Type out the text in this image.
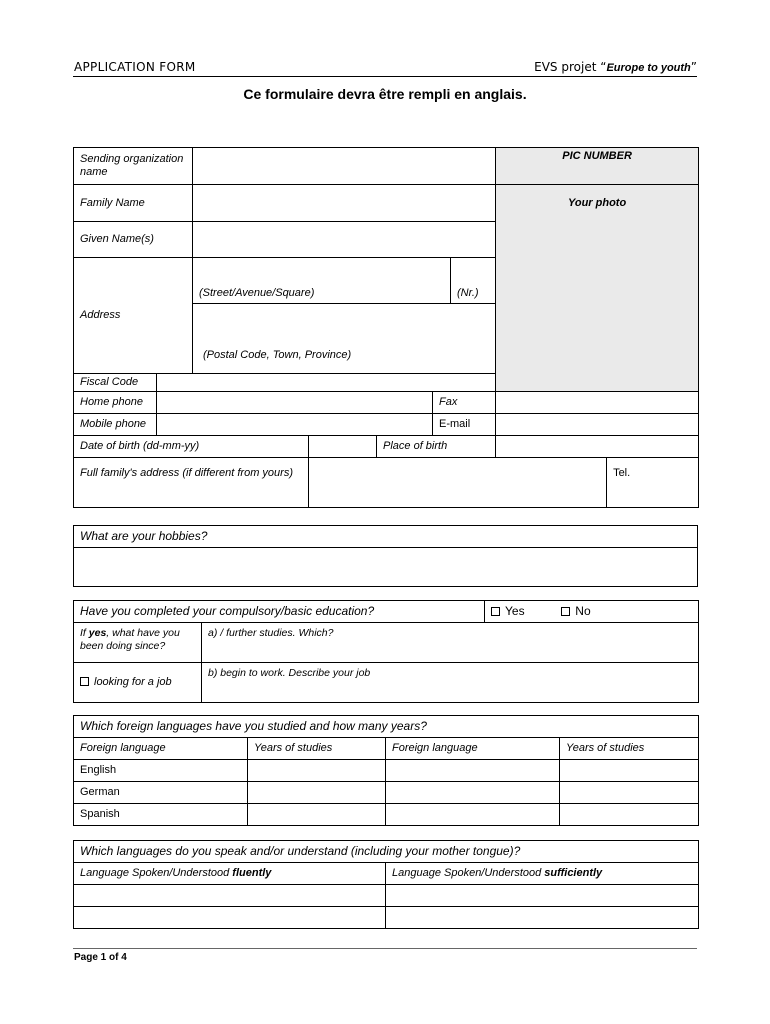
APPLICATION FORM	EVS projet “Europe to youth”
Ce formulaire devra être rempli en anglais.
Sending organization name							PIC NUMBER	
Family Name							Your photo	
Given Name(s)								
Address		(Street/Avenue/Square)				(Nr.)		
		(Postal Code, Town, Province)						
Fiscal Code								
Home phone					Fax			
Mobile phone					E-mail			

Date of birth (dd-mm-yy)				Place of birth				
Full family's address (if different from yours)								Tel.
What are your hobbies?

Have you completed your compulsory/basic education?		Yes No
If yes, what have you been doing since?	a) / further studies. Which?	
looking for a job	b) begin to work. Describe your job	
Which foreign languages have you studied and how many years?			
Foreign language	Years of studies	Foreign language	Years of studies
English			
German			
Spanish			
Which languages do you speak and/or understand (including your mother tongue)?	
Language Spoken/Understood fluently	Language Spoken/Understood sufficiently

Page 1 of 4
